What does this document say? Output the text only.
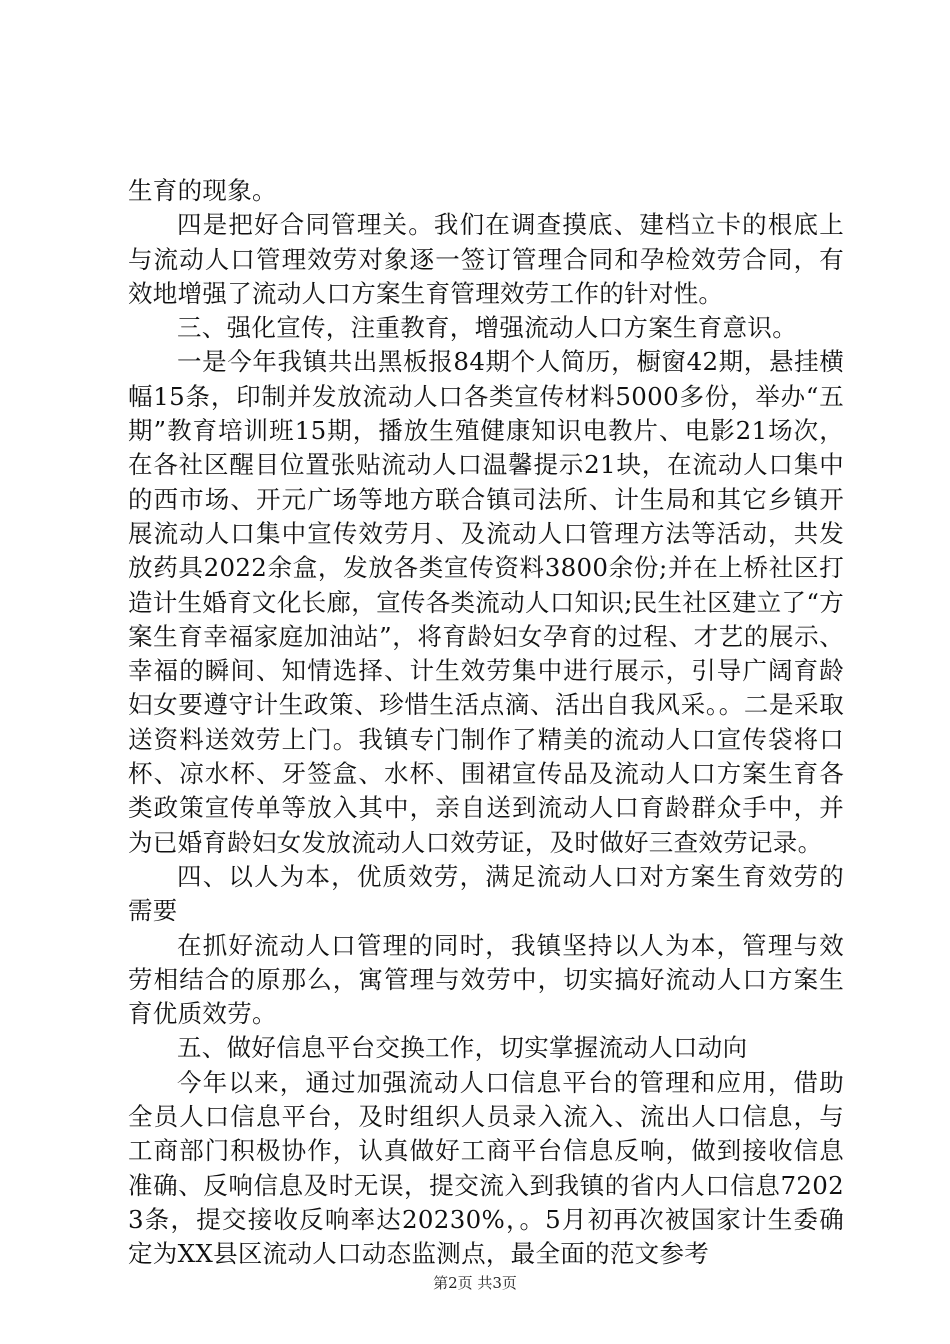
生育的现象。

四是把好合同管理关。我们在调查摸底、建档立卡的根底上与流动人口管理效劳对象逐一签订管理合同和孕检效劳合同，有效地增强了流动人口方案生育管理效劳工作的针对性。

三、强化宣传，注重教育，增强流动人口方案生育意识。

一是今年我镇共出黑板报84期个人简历，橱窗42期，悬挂横幅15条，印制并发放流动人口各类宣传材料5000多份，举办“五期”教育培训班15期，播放生殖健康知识电教片、电影21场次，在各社区醒目位置张贴流动人口温馨提示21块，在流动人口集中的西市场、开元广场等地方联合镇司法所、计生局和其它乡镇开展流动人口集中宣传效劳月、及流动人口管理方法等活动，共发放药具2022余盒，发放各类宣传资料3800余份;并在上桥社区打造计生婚育文化长廊，宣传各类流动人口知识;民生社区建立了“方案生育幸福家庭加油站”，将育龄妇女孕育的过程、才艺的展示、幸福的瞬间、知情选择、计生效劳集中进行展示，引导广阔育龄妇女要遵守计生政策、珍惜生活点滴、活出自我风采。。二是采取送资料送效劳上门。我镇专门制作了精美的流动人口宣传袋将口杯、凉水杯、牙签盒、水杯、围裙宣传品及流动人口方案生育各类政策宣传单等放入其中，亲自送到流动人口育龄群众手中，并为已婚育龄妇女发放流动人口效劳证，及时做好三查效劳记录。

四、以人为本，优质效劳，满足流动人口对方案生育效劳的需要

在抓好流动人口管理的同时，我镇坚持以人为本，管理与效劳相结合的原那么，寓管理与效劳中，切实搞好流动人口方案生育优质效劳。

五、做好信息平台交换工作，切实掌握流动人口动向

今年以来，通过加强流动人口信息平台的管理和应用，借助全员人口信息平台，及时组织人员录入流入、流出人口信息，与工商部门积极协作，认真做好工商平台信息反响，做到接收信息准确、反响信息及时无误，提交流入到我镇的省内人口信息72023条，提交接收反响率达20230%，。5月初再次被国家计生委确定为XX县区流动人口动态监测点，最全面的范文参考

第2页 共3页
